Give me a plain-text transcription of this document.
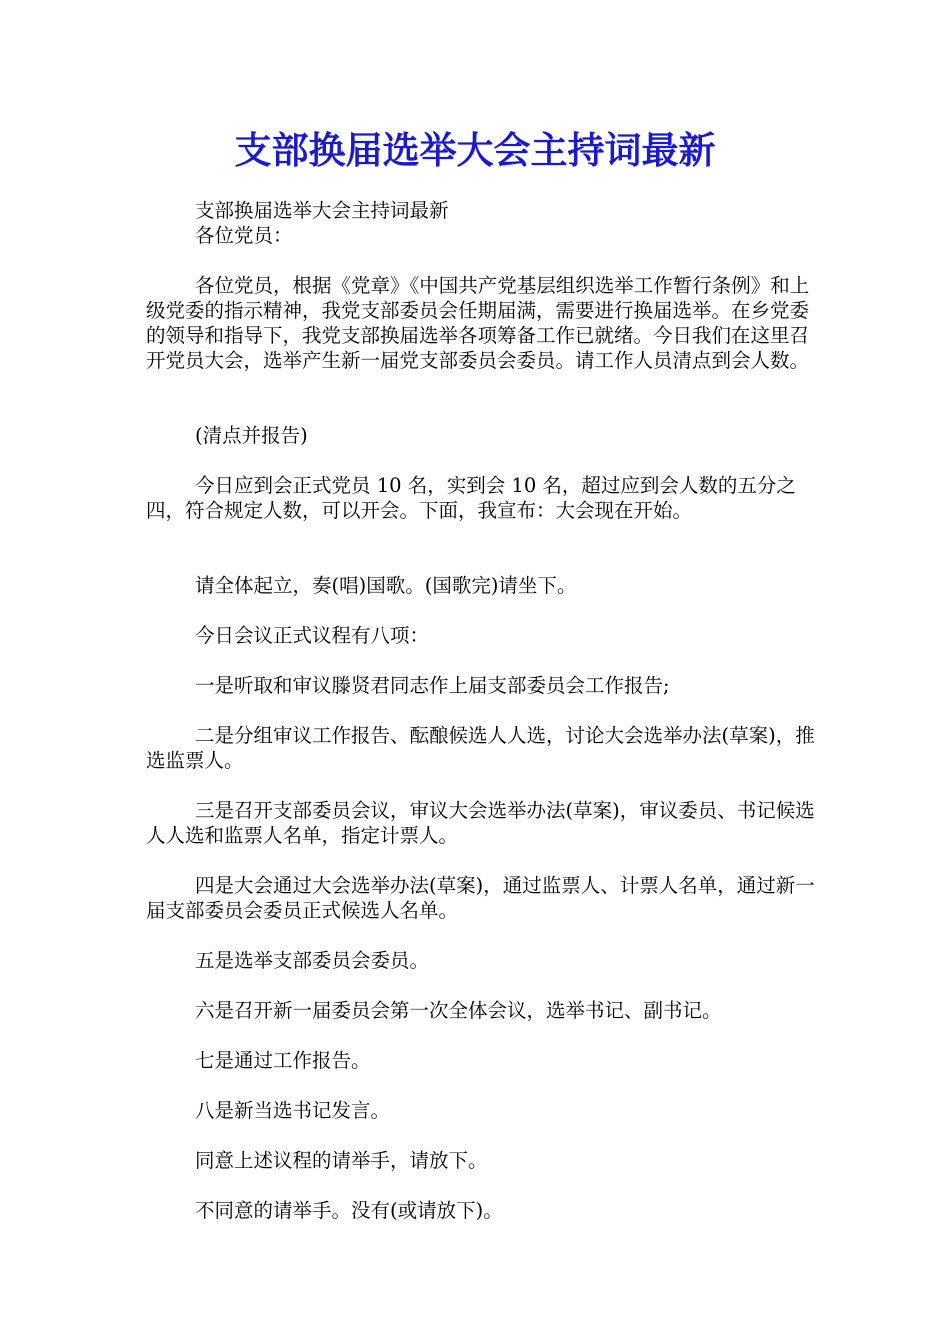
支部换届选举大会主持词最新

支部换届选举大会主持词最新

各位党员：

各位党员，根据《党章》《中国共产党基层组织选举工作暂行条例》和上级党委的指示精神，我党支部委员会任期届满，需要进行换届选举。在乡党委的领导和指导下，我党支部换届选举各项筹备工作已就绪。今日我们在这里召开党员大会，选举产生新一届党支部委员会委员。请工作人员清点到会人数。

(清点并报告)

今日应到会正式党员 10 名，实到会 10 名，超过应到会人数的五分之四，符合规定人数，可以开会。下面，我宣布：大会现在开始。

请全体起立，奏(唱)国歌。(国歌完)请坐下。

今日会议正式议程有八项：

一是听取和审议滕贤君同志作上届支部委员会工作报告;

二是分组审议工作报告、酝酿候选人人选，讨论大会选举办法(草案)，推选监票人。

三是召开支部委员会议，审议大会选举办法(草案)，审议委员、书记候选人人选和监票人名单，指定计票人。

四是大会通过大会选举办法(草案)，通过监票人、计票人名单，通过新一届支部委员会委员正式候选人名单。

五是选举支部委员会委员。

六是召开新一届委员会第一次全体会议，选举书记、副书记。

七是通过工作报告。

八是新当选书记发言。

同意上述议程的请举手，请放下。

不同意的请举手。没有(或请放下)。
